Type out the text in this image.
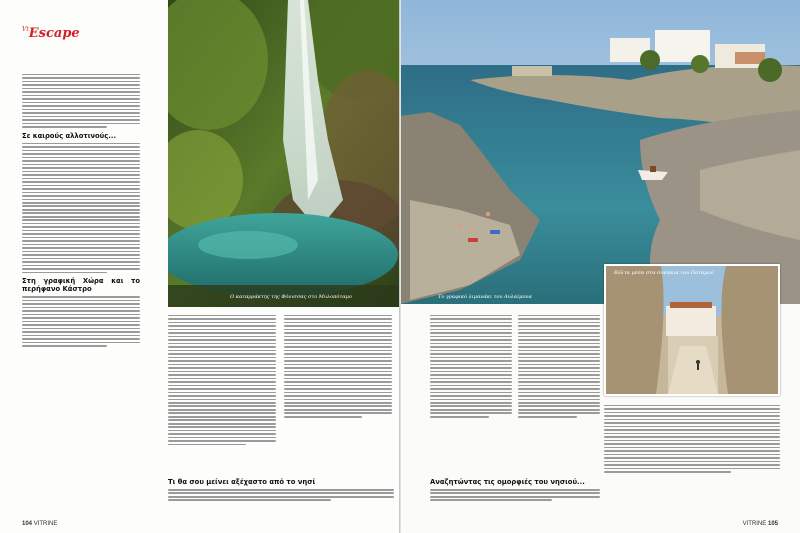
$^{Vt}$Escape
Σε καιρούς αλλοτινούς...
Στη γραφική Χώρα και το περήφανο Κάστρο
Ο καταρράκτης της Φόνισσας στο Μυλοπόταμο
Τι θα σου μείνει αξέχαστο από το νησί
104 VITRINE
Το γραφικό λιμανάκι του Αυλαίμονα
Βόλτα μέσα στα σοκάκια του Ποταμού
Αναζητώντας τις ομορφιές του νησιού...
VITRINE 105
